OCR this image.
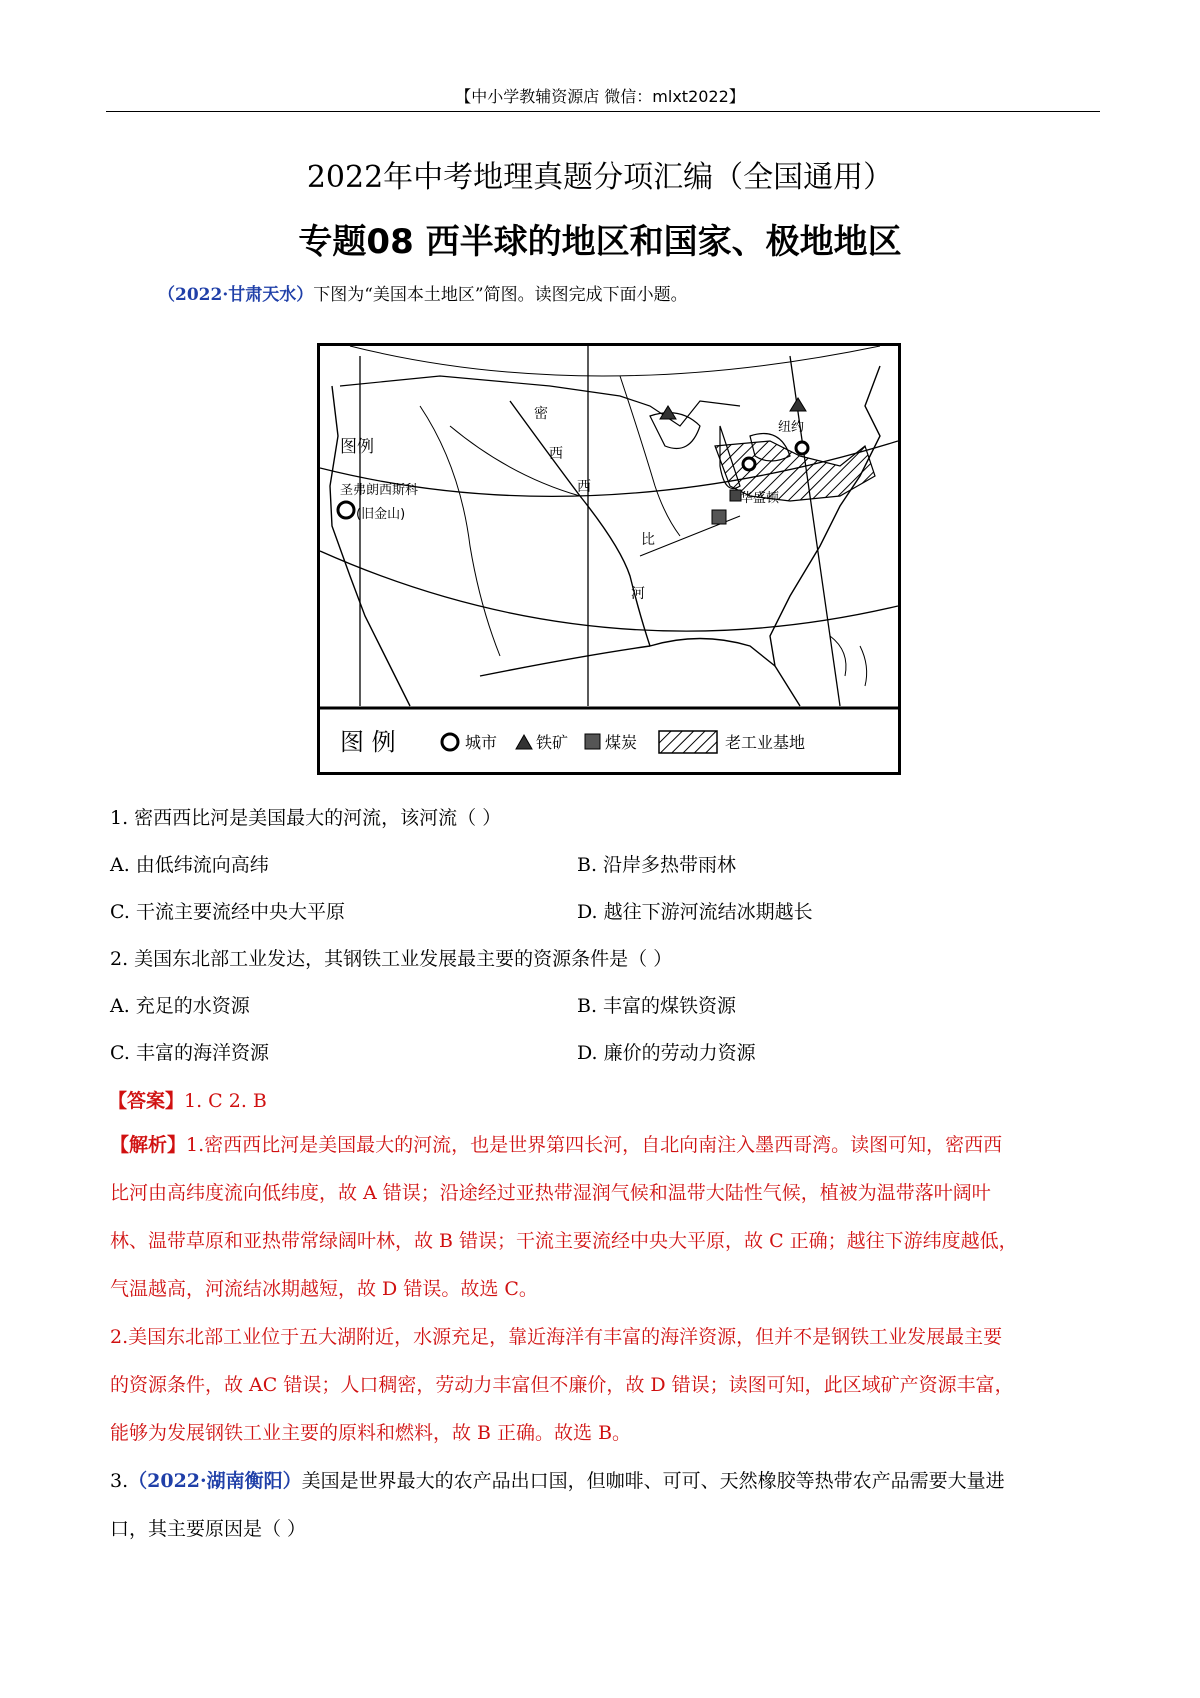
【中小学教辅资源店 微信：mlxt2022】
2022年中考地理真题分项汇编（全国通用）
专题08 西半球的地区和国家、极地地区
（2022·甘肃天水）下图为“美国本土地区”简图。读图完成下面小题。
图例
圣弗朗西斯科
(旧金山)
纽约
华盛顿
密
西
西
比
河
图 例	城市 铁矿 煤炭	老工业基地
1. 密西西比河是美国最大的河流，该河流（ ）
A. 由低纬流向高纬	B. 沿岸多热带雨林
C. 干流主要流经中央大平原	D. 越往下游河流结冰期越长
2. 美国东北部工业发达，其钢铁工业发展最主要的资源条件是（ ）
A. 充足的水资源	B. 丰富的煤铁资源
C. 丰富的海洋资源	D. 廉价的劳动力资源
【答案】1. C 2. B
【解析】1.密西西比河是美国最大的河流，也是世界第四长河，自北向南注入墨西哥湾。读图可知，密西西
比河由高纬度流向低纬度，故 A 错误；沿途经过亚热带湿润气候和温带大陆性气候，植被为温带落叶阔叶
林、温带草原和亚热带常绿阔叶林，故 B 错误；干流主要流经中央大平原，故 C 正确；越往下游纬度越低，
气温越高，河流结冰期越短，故 D 错误。故选 C。
2.美国东北部工业位于五大湖附近，水源充足，靠近海洋有丰富的海洋资源，但并不是钢铁工业发展最主要
的资源条件，故 AC 错误；人口稠密，劳动力丰富但不廉价，故 D 错误；读图可知，此区域矿产资源丰富，
能够为发展钢铁工业主要的原料和燃料，故 B 正确。故选 B。
3.（2022·湖南衡阳）美国是世界最大的农产品出口国，但咖啡、可可、天然橡胶等热带农产品需要大量进
口，其主要原因是（ ）
